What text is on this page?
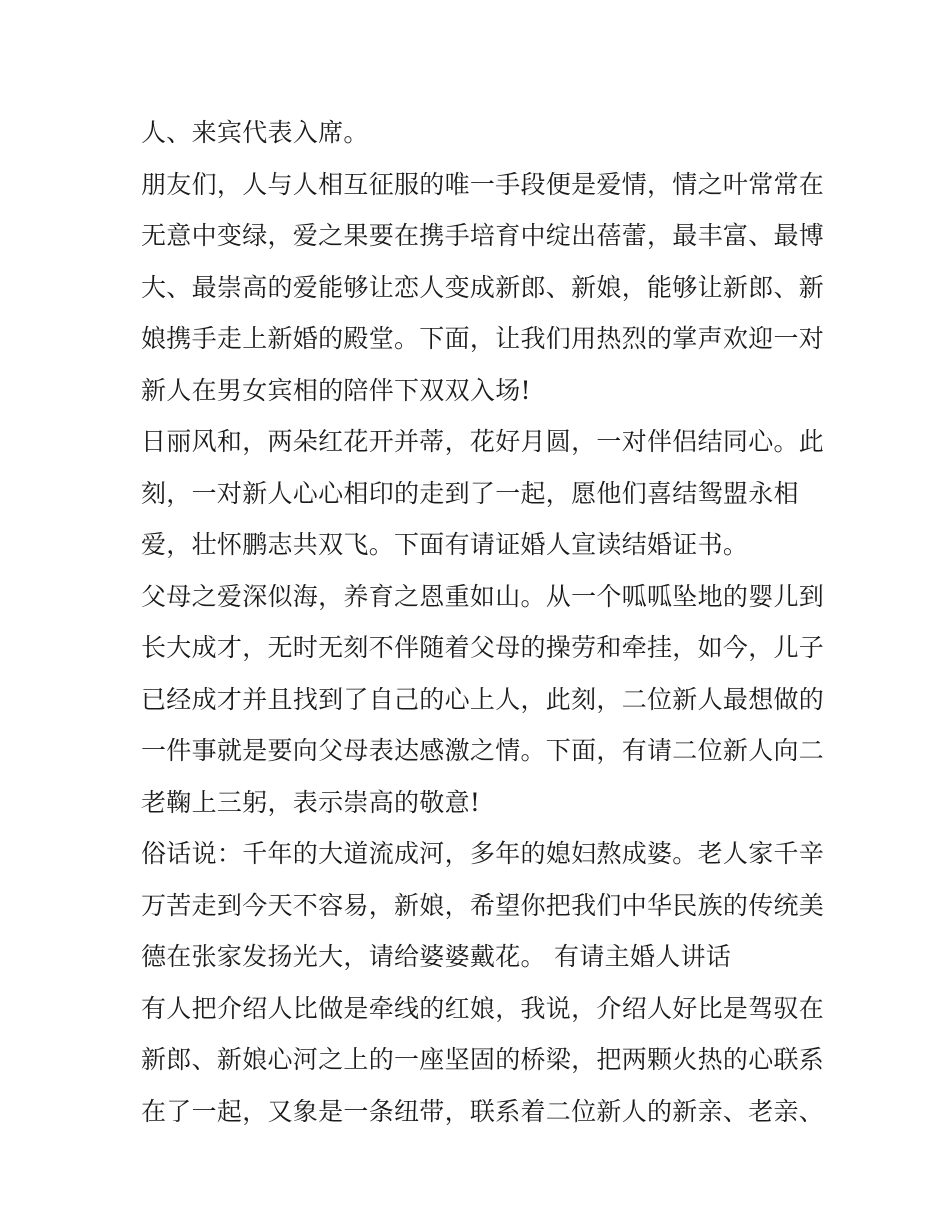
人、来宾代表入席。
朋友们，人与人相互征服的唯一手段便是爱情，情之叶常常在
无意中变绿，爱之果要在携手培育中绽出蓓蕾，最丰富、最博
大、最崇高的爱能够让恋人变成新郎、新娘，能够让新郎、新
娘携手走上新婚的殿堂。下面，让我们用热烈的掌声欢迎一对
新人在男女宾相的陪伴下双双入场!
日丽风和，两朵红花开并蒂，花好月圆，一对伴侣结同心。此
刻，一对新人心心相印的走到了一起，愿他们喜结鸳盟永相
爱，壮怀鹏志共双飞。下面有请证婚人宣读结婚证书。
父母之爱深似海，养育之恩重如山。从一个呱呱坠地的婴儿到
长大成才，无时无刻不伴随着父母的操劳和牵挂，如今，儿子
已经成才并且找到了自己的心上人，此刻，二位新人最想做的
一件事就是要向父母表达感激之情。下面，有请二位新人向二
老鞠上三躬，表示崇高的敬意!
俗话说：千年的大道流成河，多年的媳妇熬成婆。老人家千辛
万苦走到今天不容易，新娘，希望你把我们中华民族的传统美
德在张家发扬光大，请给婆婆戴花。 有请主婚人讲话
有人把介绍人比做是牵线的红娘，我说，介绍人好比是驾驭在
新郎、新娘心河之上的一座坚固的桥梁，把两颗火热的心联系
在了一起，又象是一条纽带，联系着二位新人的新亲、老亲、
